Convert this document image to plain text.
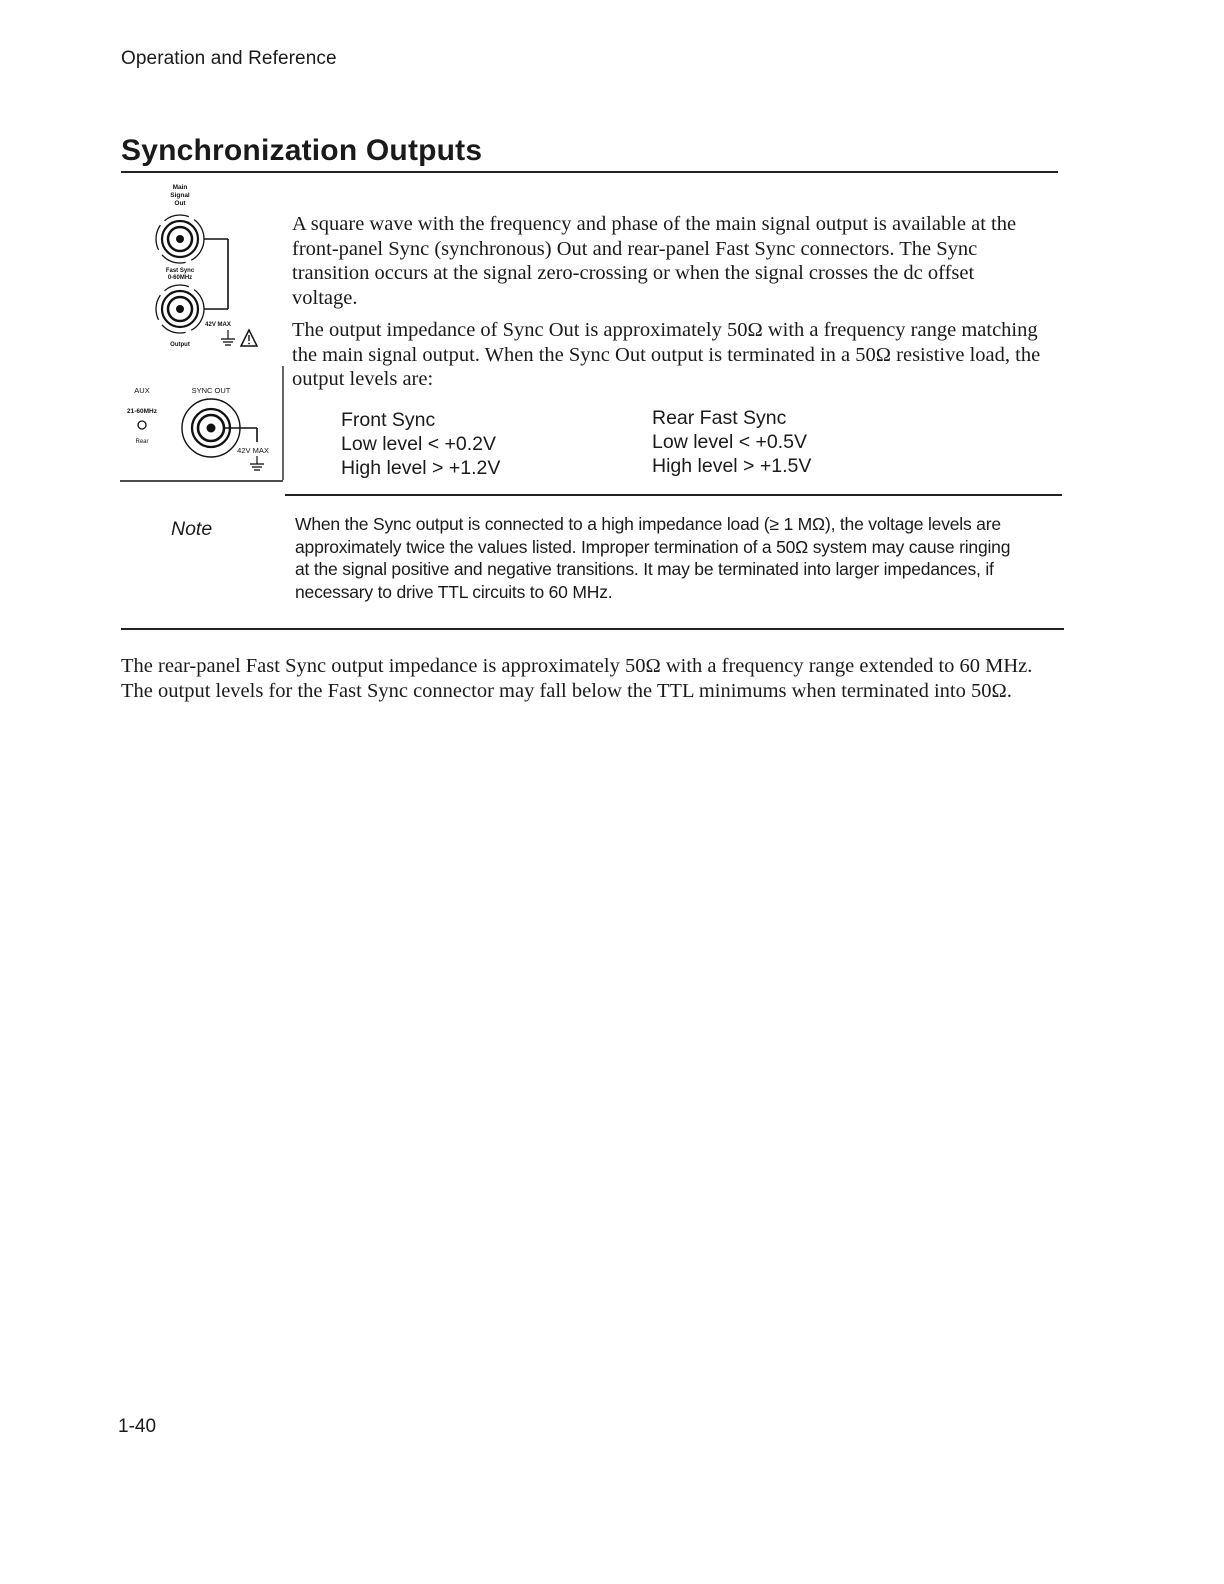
Operation and Reference
Synchronization Outputs
Main
Signal
Out
Fast Sync
0-60MHz
42V MAX
Output
AUX	SYNC OUT
21-60MHz
Rear
42V MAX

A square wave with the frequency and phase of the main signal output is available at the front-panel Sync (synchronous) Out and rear-panel Fast Sync connectors. The Sync transition occurs at the signal zero-crossing or when the signal crosses the dc offset voltage.

The output impedance of Sync Out is approximately 50Ω with a frequency range matching the main signal output. When the Sync Out output is terminated in a 50Ω resistive load, the output levels are:

Front Sync
Low level < +0.2V
High level > +1.2V
Rear Fast Sync
Low level < +0.5V
High level > +1.5V
Note	When the Sync output is connected to a high impedance load (≥ 1 MΩ), the voltage levels are approximately twice the values listed. Improper termination of a 50Ω system may cause ringing at the signal positive and negative transitions. It may be terminated into larger impedances, if necessary to drive TTL circuits to 60 MHz.

The rear-panel Fast Sync output impedance is approximately 50Ω with a frequency range extended to 60 MHz. The output levels for the Fast Sync connector may fall below the TTL minimums when terminated into 50Ω.

1-40
